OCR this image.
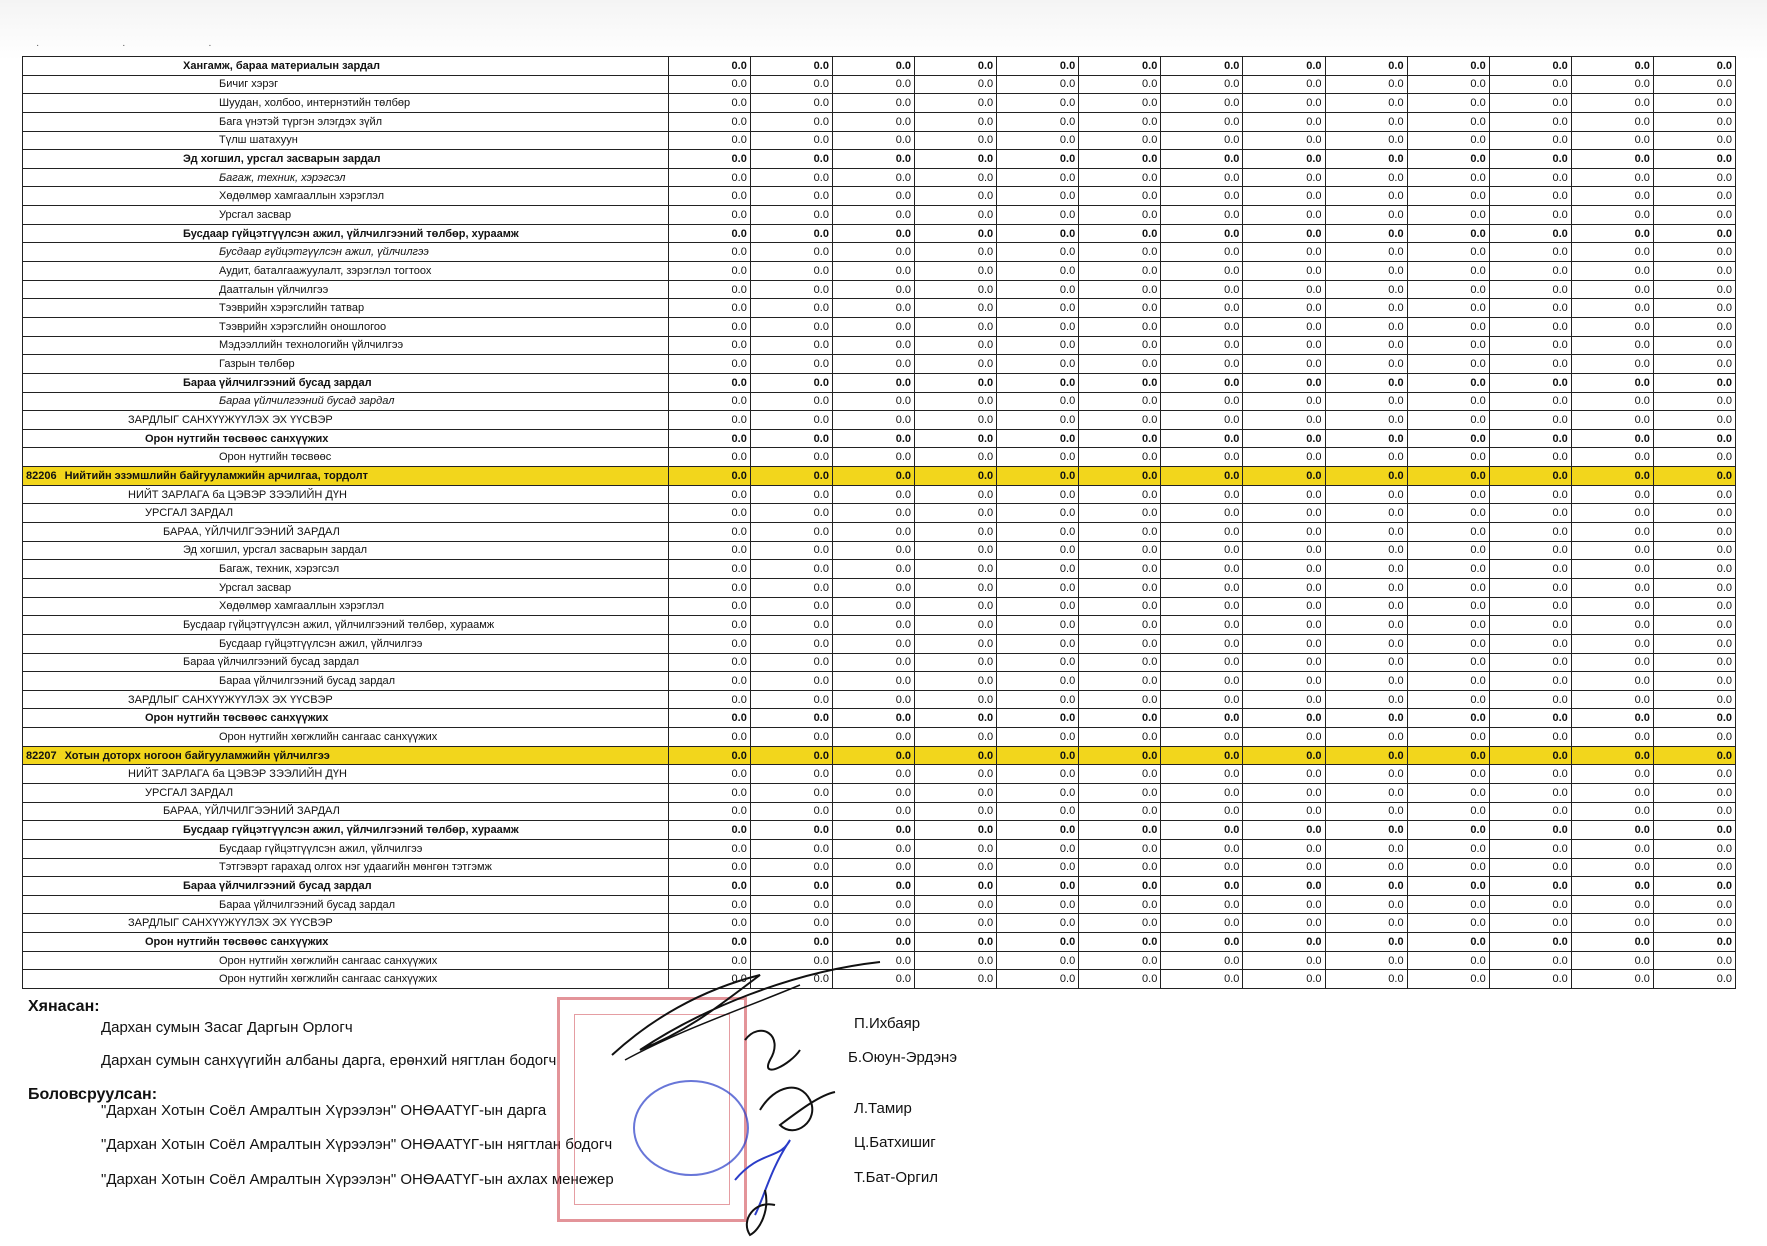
· · ·
Хангамж, бараа материалын зардал	0.0	0.0	0.0	0.0	0.0	0.0	0.0	0.0	0.0	0.0	0.0	0.0	0.0
Бичиг хэрэг	0.0	0.0	0.0	0.0	0.0	0.0	0.0	0.0	0.0	0.0	0.0	0.0	0.0
Шуудан, холбоо, интернэтийн төлбөр	0.0	0.0	0.0	0.0	0.0	0.0	0.0	0.0	0.0	0.0	0.0	0.0	0.0
Бага үнэтэй түргэн элэгдэх зүйл	0.0	0.0	0.0	0.0	0.0	0.0	0.0	0.0	0.0	0.0	0.0	0.0	0.0
Түлш шатахуун	0.0	0.0	0.0	0.0	0.0	0.0	0.0	0.0	0.0	0.0	0.0	0.0	0.0
Эд хогшил, урсгал засварын зардал	0.0	0.0	0.0	0.0	0.0	0.0	0.0	0.0	0.0	0.0	0.0	0.0	0.0
Багаж, техник, хэрэгсэл	0.0	0.0	0.0	0.0	0.0	0.0	0.0	0.0	0.0	0.0	0.0	0.0	0.0
Хөдөлмөр хамгааллын хэрэглэл	0.0	0.0	0.0	0.0	0.0	0.0	0.0	0.0	0.0	0.0	0.0	0.0	0.0
Урсгал засвар	0.0	0.0	0.0	0.0	0.0	0.0	0.0	0.0	0.0	0.0	0.0	0.0	0.0
Бусдаар гүйцэтгүүлсэн ажил, үйлчилгээний төлбөр, хураамж	0.0	0.0	0.0	0.0	0.0	0.0	0.0	0.0	0.0	0.0	0.0	0.0	0.0
Бусдаар гүйцэтгүүлсэн ажил, үйлчилгээ	0.0	0.0	0.0	0.0	0.0	0.0	0.0	0.0	0.0	0.0	0.0	0.0	0.0
Аудит, баталгаажуулалт, зэрэглэл тогтоох	0.0	0.0	0.0	0.0	0.0	0.0	0.0	0.0	0.0	0.0	0.0	0.0	0.0
Даатгалын үйлчилгээ	0.0	0.0	0.0	0.0	0.0	0.0	0.0	0.0	0.0	0.0	0.0	0.0	0.0
Тээврийн хэрэгслийн татвар	0.0	0.0	0.0	0.0	0.0	0.0	0.0	0.0	0.0	0.0	0.0	0.0	0.0
Тээврийн хэрэгслийн оношлогоо	0.0	0.0	0.0	0.0	0.0	0.0	0.0	0.0	0.0	0.0	0.0	0.0	0.0
Мэдээллийн технологийн үйлчилгээ	0.0	0.0	0.0	0.0	0.0	0.0	0.0	0.0	0.0	0.0	0.0	0.0	0.0
Газрын төлбөр	0.0	0.0	0.0	0.0	0.0	0.0	0.0	0.0	0.0	0.0	0.0	0.0	0.0
Бараа үйлчилгээний бусад зардал	0.0	0.0	0.0	0.0	0.0	0.0	0.0	0.0	0.0	0.0	0.0	0.0	0.0
Бараа үйлчилгээний бусад зардал	0.0	0.0	0.0	0.0	0.0	0.0	0.0	0.0	0.0	0.0	0.0	0.0	0.0
ЗАРДЛЫГ САНХҮҮЖҮҮЛЭХ ЭХ ҮҮСВЭР	0.0	0.0	0.0	0.0	0.0	0.0	0.0	0.0	0.0	0.0	0.0	0.0	0.0
Орон нутгийн төсвөөс санхүүжих	0.0	0.0	0.0	0.0	0.0	0.0	0.0	0.0	0.0	0.0	0.0	0.0	0.0
Орон нутгийн төсвөөс	0.0	0.0	0.0	0.0	0.0	0.0	0.0	0.0	0.0	0.0	0.0	0.0	0.0
82206 Нийтийн эзэмшлийн байгууламжийн арчилгаа, тордолт	0.0	0.0	0.0	0.0	0.0	0.0	0.0	0.0	0.0	0.0	0.0	0.0	0.0
НИЙТ ЗАРЛАГА ба ЦЭВЭР ЗЭЭЛИЙН ДҮН	0.0	0.0	0.0	0.0	0.0	0.0	0.0	0.0	0.0	0.0	0.0	0.0	0.0
УРСГАЛ ЗАРДАЛ	0.0	0.0	0.0	0.0	0.0	0.0	0.0	0.0	0.0	0.0	0.0	0.0	0.0
БАРАА, ҮЙЛЧИЛГЭЭНИЙ ЗАРДАЛ	0.0	0.0	0.0	0.0	0.0	0.0	0.0	0.0	0.0	0.0	0.0	0.0	0.0
Эд хогшил, урсгал засварын зардал	0.0	0.0	0.0	0.0	0.0	0.0	0.0	0.0	0.0	0.0	0.0	0.0	0.0
Багаж, техник, хэрэгсэл	0.0	0.0	0.0	0.0	0.0	0.0	0.0	0.0	0.0	0.0	0.0	0.0	0.0
Урсгал засвар	0.0	0.0	0.0	0.0	0.0	0.0	0.0	0.0	0.0	0.0	0.0	0.0	0.0
Хөдөлмөр хамгааллын хэрэглэл	0.0	0.0	0.0	0.0	0.0	0.0	0.0	0.0	0.0	0.0	0.0	0.0	0.0
Бусдаар гүйцэтгүүлсэн ажил, үйлчилгээний төлбөр, хураамж	0.0	0.0	0.0	0.0	0.0	0.0	0.0	0.0	0.0	0.0	0.0	0.0	0.0
Бусдаар гүйцэтгүүлсэн ажил, үйлчилгээ	0.0	0.0	0.0	0.0	0.0	0.0	0.0	0.0	0.0	0.0	0.0	0.0	0.0
Бараа үйлчилгээний бусад зардал	0.0	0.0	0.0	0.0	0.0	0.0	0.0	0.0	0.0	0.0	0.0	0.0	0.0
Бараа үйлчилгээний бусад зардал	0.0	0.0	0.0	0.0	0.0	0.0	0.0	0.0	0.0	0.0	0.0	0.0	0.0
ЗАРДЛЫГ САНХҮҮЖҮҮЛЭХ ЭХ ҮҮСВЭР	0.0	0.0	0.0	0.0	0.0	0.0	0.0	0.0	0.0	0.0	0.0	0.0	0.0
Орон нутгийн төсвөөс санхүүжих	0.0	0.0	0.0	0.0	0.0	0.0	0.0	0.0	0.0	0.0	0.0	0.0	0.0
Орон нутгийн хөгжлийн сангаас санхүүжих	0.0	0.0	0.0	0.0	0.0	0.0	0.0	0.0	0.0	0.0	0.0	0.0	0.0
82207 Хотын доторх ногоон байгууламжийн үйлчилгээ	0.0	0.0	0.0	0.0	0.0	0.0	0.0	0.0	0.0	0.0	0.0	0.0	0.0
НИЙТ ЗАРЛАГА ба ЦЭВЭР ЗЭЭЛИЙН ДҮН	0.0	0.0	0.0	0.0	0.0	0.0	0.0	0.0	0.0	0.0	0.0	0.0	0.0
УРСГАЛ ЗАРДАЛ	0.0	0.0	0.0	0.0	0.0	0.0	0.0	0.0	0.0	0.0	0.0	0.0	0.0
БАРАА, ҮЙЛЧИЛГЭЭНИЙ ЗАРДАЛ	0.0	0.0	0.0	0.0	0.0	0.0	0.0	0.0	0.0	0.0	0.0	0.0	0.0
Бусдаар гүйцэтгүүлсэн ажил, үйлчилгээний төлбөр, хураамж	0.0	0.0	0.0	0.0	0.0	0.0	0.0	0.0	0.0	0.0	0.0	0.0	0.0
Бусдаар гүйцэтгүүлсэн ажил, үйлчилгээ	0.0	0.0	0.0	0.0	0.0	0.0	0.0	0.0	0.0	0.0	0.0	0.0	0.0
Тэтгэвэрт гарахад олгох нэг удаагийн мөнгөн тэтгэмж	0.0	0.0	0.0	0.0	0.0	0.0	0.0	0.0	0.0	0.0	0.0	0.0	0.0
Бараа үйлчилгээний бусад зардал	0.0	0.0	0.0	0.0	0.0	0.0	0.0	0.0	0.0	0.0	0.0	0.0	0.0
Бараа үйлчилгээний бусад зардал	0.0	0.0	0.0	0.0	0.0	0.0	0.0	0.0	0.0	0.0	0.0	0.0	0.0
ЗАРДЛЫГ САНХҮҮЖҮҮЛЭХ ЭХ ҮҮСВЭР	0.0	0.0	0.0	0.0	0.0	0.0	0.0	0.0	0.0	0.0	0.0	0.0	0.0
Орон нутгийн төсвөөс санхүүжих	0.0	0.0	0.0	0.0	0.0	0.0	0.0	0.0	0.0	0.0	0.0	0.0	0.0
Орон нутгийн хөгжлийн сангаас санхүүжих	0.0	0.0	0.0	0.0	0.0	0.0	0.0	0.0	0.0	0.0	0.0	0.0	0.0
Орон нутгийн хөгжлийн сангаас санхүүжих	0.0	0.0	0.0	0.0	0.0	0.0	0.0	0.0	0.0	0.0	0.0	0.0	0.0
Хянасан:
Дархан сумын Засаг Даргын Орлогч	П.Ихбаяр
Дархан сумын санхүүгийн албаны дарга, ерөнхий нягтлан бодогч	Б.Оюун-Эрдэнэ
Боловсруулсан:
"Дархан Хотын Соёл Амралтын Хүрээлэн" ОНӨААТҮГ-ын дарга	Л.Тамир
"Дархан Хотын Соёл Амралтын Хүрээлэн" ОНӨААТҮГ-ын нягтлан бодогч	Ц.Батхишиг
"Дархан Хотын Соёл Амралтын Хүрээлэн" ОНӨААТҮГ-ын ахлах менежер	Т.Бат-Оргил
